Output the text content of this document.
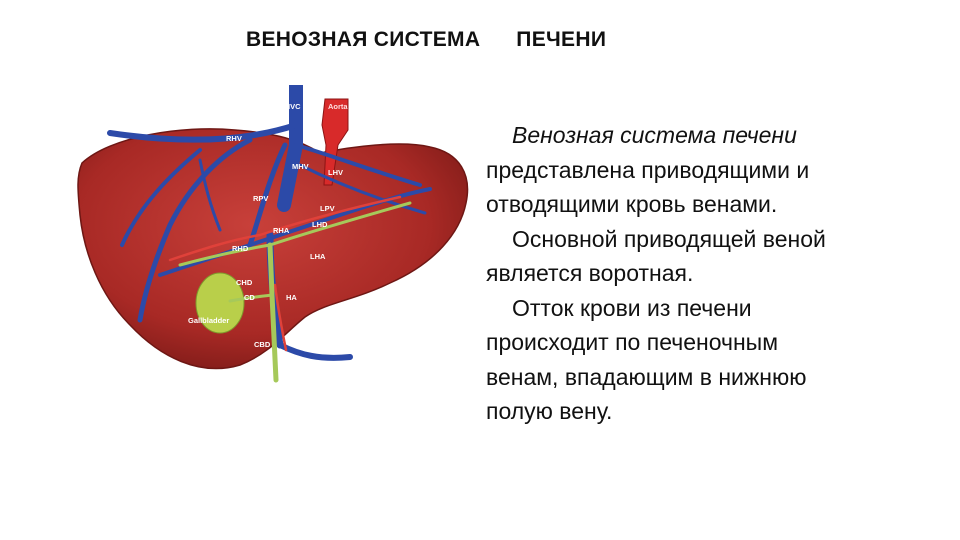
ВЕНОЗНАЯ СИСТЕМА ПЕЧЕНИ
IVC	Aorta
RHV
MHV
LHV
RPV
LPV
LHD
RHA
RHD
LHA
CHD
CD	HA
Gallbladder	PV
CBD

Венозная система печени

представлена приводящими и

отводящими кровь венами.

Основной приводящей веной

является воротная.

Отток крови из печени

происходит по печеночным

венам, впадающим в нижнюю

полую вену.
